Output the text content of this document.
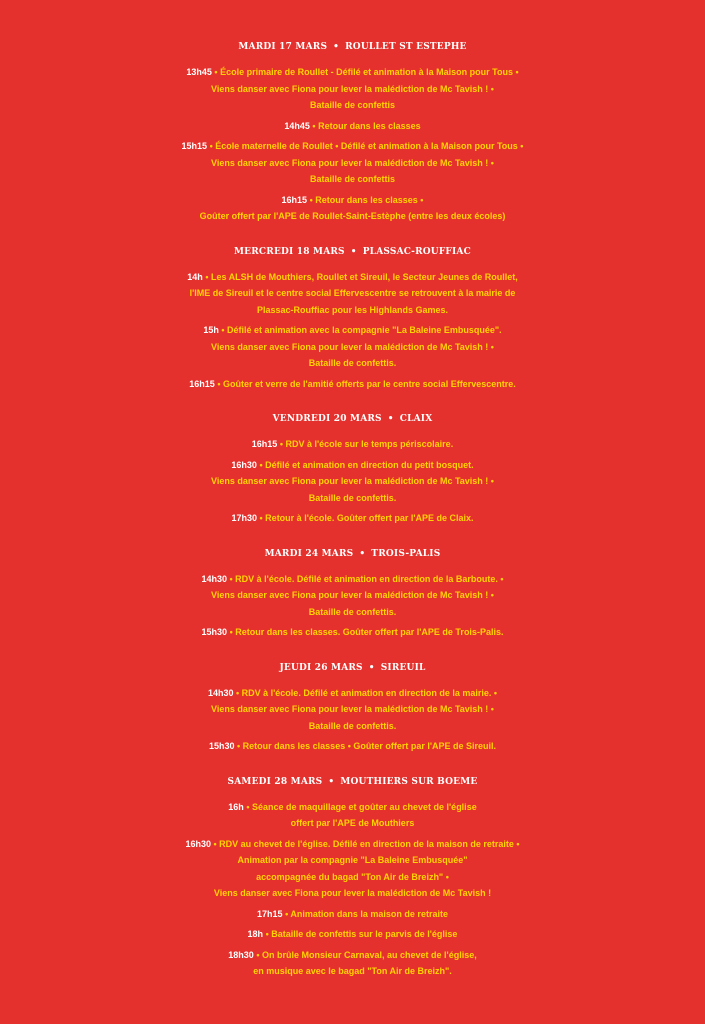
MARDI 17 MARS • ROULLET ST ESTEPHE
13h45 • École primaire de Roullet - Défilé et animation à la Maison pour Tous •
Viens danser avec Fiona pour lever la malédiction de Mc Tavish ! •
Bataille de confettis
14h45 • Retour dans les classes
15h15 • École maternelle de Roullet • Défilé et animation à la Maison pour Tous •
Viens danser avec Fiona pour lever la malédiction de Mc Tavish ! •
Bataille de confettis
16h15 • Retour dans les classes •
Goûter offert par l'APE de Roullet-Saint-Estèphe (entre les deux écoles)
MERCREDI 18 MARS • PLASSAC-ROUFFIAC
14h • Les ALSH de Mouthiers, Roullet et Sireuil, le Secteur Jeunes de Roullet,
l'IME de Sireuil et le centre social Effervescentre se retrouvent à la mairie de
Plassac-Rouffiac pour les Highlands Games.
15h • Défilé et animation avec la compagnie "La Baleine Embusquée".
Viens danser avec Fiona pour lever la malédiction de Mc Tavish ! •
Bataille de confettis.
16h15 • Goûter et verre de l'amitié offerts par le centre social Effervescentre.
VENDREDI 20 MARS • CLAIX
16h15 • RDV à l'école sur le temps périscolaire.
16h30 • Défilé et animation en direction du petit bosquet.
Viens danser avec Fiona pour lever la malédiction de Mc Tavish ! •
Bataille de confettis.
17h30 • Retour à l'école. Goûter offert par l'APE de Claix.
MARDI 24 MARS • TROIS-PALIS
14h30 • RDV à l'école. Défilé et animation en direction de la Barboute. •
Viens danser avec Fiona pour lever la malédiction de Mc Tavish ! •
Bataille de confettis.
15h30 • Retour dans les classes. Goûter offert par l'APE de Trois-Palis.
JEUDI 26 MARS • SIREUIL
14h30 • RDV à l'école. Défilé et animation en direction de la mairie. •
Viens danser avec Fiona pour lever la malédiction de Mc Tavish ! •
Bataille de confettis.
15h30 • Retour dans les classes • Goûter offert par l'APE de Sireuil.
SAMEDI 28 MARS • MOUTHIERS SUR BOEME
16h • Séance de maquillage et goûter au chevet de l'église
offert par l'APE de Mouthiers
16h30 • RDV au chevet de l'église. Défilé en direction de la maison de retraite •
Animation par la compagnie "La Baleine Embusquée"
accompagnée du bagad "Ton Air de Breizh" •
Viens danser avec Fiona pour lever la malédiction de Mc Tavish !
17h15 • Animation dans la maison de retraite
18h • Bataille de confettis sur le parvis de l'église
18h30 • On brûle Monsieur Carnaval, au chevet de l'église,
en musique avec le bagad "Ton Air de Breizh".
